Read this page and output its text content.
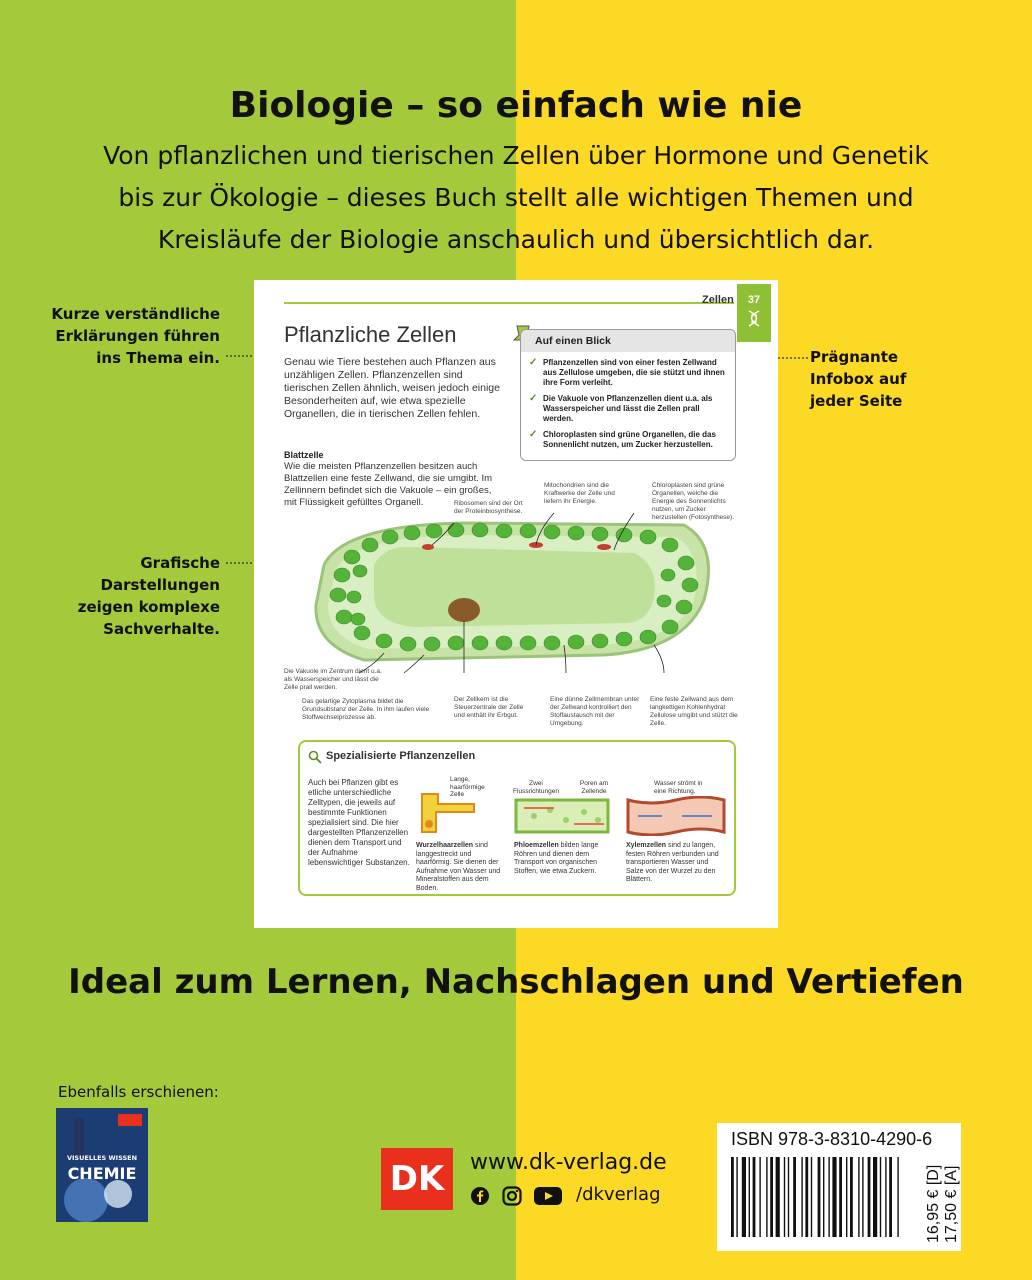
Biologie – so einfach wie nie
Von pflanzlichen und tierischen Zellen über Hormone und Genetik
bis zur Ökologie – dieses Buch stellt alle wichtigen Themen und
Kreisläufe der Biologie anschaulich und übersichtlich dar.
Kurze verständliche
Erklärungen führen
ins Thema ein.
Grafische
Darstellungen
zeigen komplexe
Sachverhalte.
Prägnante
Infobox auf
jeder Seite
Zellen	37
Pflanzliche Zellen
Genau wie Tiere bestehen auch Pflanzen aus unzähligen Zellen. Pflanzenzellen sind tierischen Zellen ähnlich, weisen jedoch einige Besonderheiten auf, wie etwa spezielle Organellen, die in tierischen Zellen fehlen.
Auf einen Blick
✓ Pflanzenzellen sind von einer festen Zellwand aus Zellulose umgeben, die sie stützt und ihnen ihre Form verleiht.
✓ Die Vakuole von Pflanzenzellen dient u.a. als Wasserspeicher und lässt die Zellen prall werden.
✓ Chloroplasten sind grüne Organellen, die das Sonnenlicht nutzen, um Zucker herzustellen.
Blattzelle
Wie die meisten Pflanzenzellen besitzen auch Blattzellen eine feste Zellwand, die sie umgibt. Im Zellinnern befindet sich die Vakuole – ein großes, mit Flüssigkeit gefülltes Organell.	Ribosomen sind der Ort der Proteinbiosynthese.
Mitochondrien sind die Kraftwerke der Zelle und liefern ihr Energie.
Chloroplasten sind grüne Organellen, welche die Energie des Sonnenlichts nutzen, um Zucker herzustellen (Fotosynthese).
Die Vakuole im Zentrum dient u.a. als Wasserspeicher und lässt die Zelle prall werden.
Das gelartige Zytoplasma bildet die Grundsubstanz der Zelle. In ihm laufen viele Stoffwechselprozesse ab.
Der Zellkern ist die Steuerzentrale der Zelle und enthält ihr Erbgut.
Eine dünne Zellmembran unter der Zellwand kontrolliert den Stoffaustausch mit der Umgebung.
Eine feste Zellwand aus dem langkettigen Kohlenhydrat Zellulose umgibt und stützt die Zelle.
Spezialisierte Pflanzenzellen
Auch bei Pflanzen gibt es etliche unterschiedliche Zelltypen, die jeweils auf bestimmte Funktionen spezialisiert sind. Die hier dargestellten Pflanzenzellen dienen dem Transport und der Aufnahme lebenswichtiger Substanzen.
Lange, haarförmige Zelle
Zwei Flussrichtungen
Poren am Zellende
Wasser strömt in eine Richtung.
Wurzelhaarzellen sind langgestreckt und haarförmig. Sie dienen der Aufnahme von Wasser und Mineralstoffen aus dem Boden.
Phloemzellen bilden lange Röhren und dienen dem Transport von organischen Stoffen, wie etwa Zuckern.
Xylemzellen sind zu langen, festen Röhren verbunden und transportieren Wasser und Salze von der Wurzel zu den Blättern.
Ideal zum Lernen, Nachschlagen und Vertiefen
Ebenfalls erschienen:
VISUELLES WISSEN
CHEMIE	DK	www.dk-verlag.de
/dkverlag
ISBN 978-3-8310-4290-6
16,95 € [D] 17,50 € [A]
